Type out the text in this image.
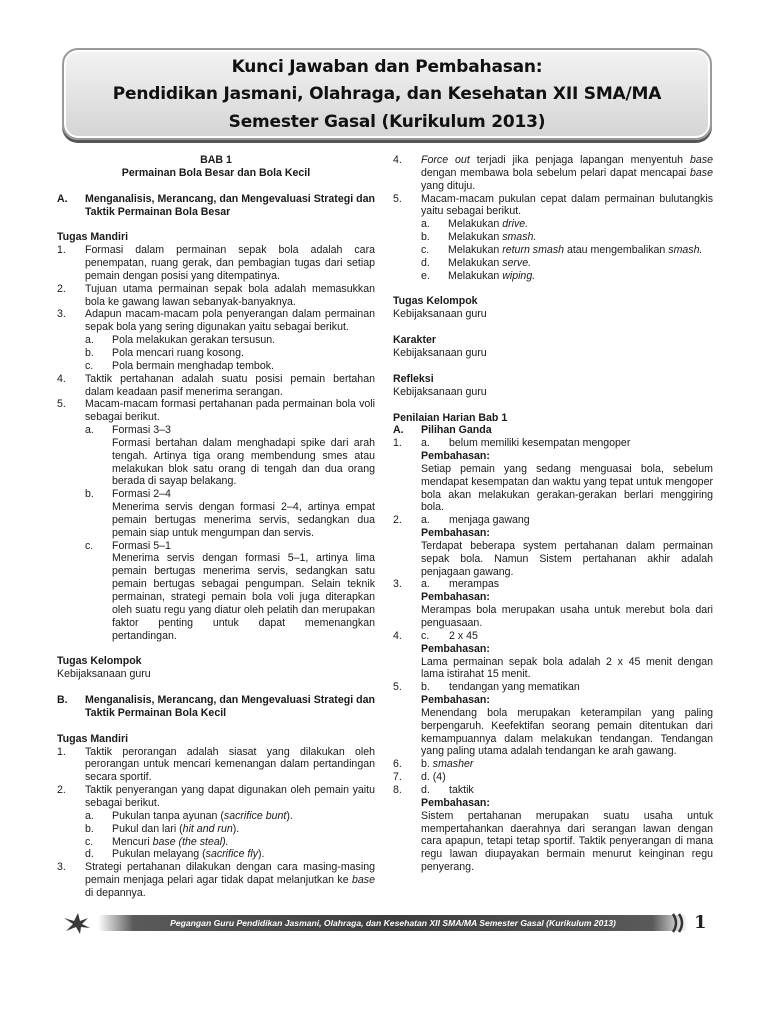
Kunci Jawaban dan Pembahasan:
Pendidikan Jasmani, Olahraga, dan Kesehatan XII SMA/MA
Semester Gasal (Kurikulum 2013)
BAB 1
Permainan Bola Besar dan Bola Kecil
A.	Menganalisis, Merancang, dan Mengevaluasi Strategi dan Taktik Permainan Bola Besar
Tugas Mandiri
1.	Formasi dalam permainan sepak bola adalah cara penempatan, ruang gerak, dan pembagian tugas dari setiap pemain dengan posisi yang ditempatinya.
2.	Tujuan utama permainan sepak bola adalah memasukkan bola ke gawang lawan sebanyak-banyaknya.
3.	Adapun macam-macam pola penyerangan dalam permainan sepak bola yang sering digunakan yaitu sebagai berikut.
a.	Pola melakukan gerakan tersusun.
b.	Pola mencari ruang kosong.
c.	Pola bermain menghadap tembok.
4.	Taktik pertahanan adalah suatu posisi pemain bertahan dalam keadaan pasif menerima serangan.
5.	Macam-macam formasi pertahanan pada permainan bola voli sebagai berikut.
a.	Formasi 3–3
Formasi bertahan dalam menghadapi spike dari arah tengah. Artinya tiga orang membendung smes atau melakukan blok satu orang di tengah dan dua orang berada di sayap belakang.
b.	Formasi 2–4
Menerima servis dengan formasi 2–4, artinya empat pemain bertugas menerima servis, sedangkan dua pemain siap untuk mengumpan dan servis.
c.	Formasi 5–1
Menerima servis dengan formasi 5–1, artinya lima pemain bertugas menerima servis, sedangkan satu pemain bertugas sebagai pengumpan. Selain teknik permainan, strategi pemain bola voli juga diterapkan oleh suatu regu yang diatur oleh pelatih dan merupakan faktor penting untuk dapat memenangkan pertandingan.
Tugas Kelompok
Kebijaksanaan guru
B.	Menganalisis, Merancang, dan Mengevaluasi Strategi dan Taktik Permainan Bola Kecil
Tugas Mandiri
1.	Taktik perorangan adalah siasat yang dilakukan oleh perorangan untuk mencari kemenangan dalam pertandingan secara sportif.
2.	Taktik penyerangan yang dapat digunakan oleh pemain yaitu sebagai berikut.
a.	Pukulan tanpa ayunan (sacrifice bunt).
b.	Pukul dan lari (hit and run).
c.	Mencuri base (the steal).
d.	Pukulan melayang (sacrifice fly).
3.	Strategi pertahanan dilakukan dengan cara masing-masing pemain menjaga pelari agar tidak dapat melanjutkan ke base di depannya.
4.	Force out terjadi jika penjaga lapangan menyentuh base dengan membawa bola sebelum pelari dapat mencapai base yang dituju.
5.	Macam-macam pukulan cepat dalam permainan bulutangkis yaitu sebagai berikut.
a.	Melakukan drive.
b.	Melakukan smash.
c.	Melakukan return smash atau mengembalikan smash.
d.	Melakukan serve.
e.	Melakukan wiping.
Tugas Kelompok
Kebijaksanaan guru
Karakter
Kebijaksanaan guru
Refleksi
Kebijaksanaan guru
Penilaian Harian Bab 1
A.	Pilihan Ganda
1.	a.	belum memiliki kesempatan mengoper
Pembahasan:
Setiap pemain yang sedang menguasai bola, sebelum mendapat kesempatan dan waktu yang tepat untuk mengoper bola akan melakukan gerakan-gerakan berlari menggiring bola.
2.	a.	menjaga gawang
Pembahasan:
Terdapat beberapa system pertahanan dalam permainan sepak bola. Namun Sistem pertahanan akhir adalah penjagaan gawang.
3.	a.	merampas
Pembahasan:
Merampas bola merupakan usaha untuk merebut bola dari penguasaan.
4.	c.	2 x 45
Pembahasan:
Lama permainan sepak bola adalah 2 x 45 menit dengan lama istirahat 15 menit.
5.	b.	tendangan yang mematikan
Pembahasan:
Menendang bola merupakan keterampilan yang paling berpengaruh. Keefektifan seorang pemain ditentukan dari kemampuannya dalam melakukan tendangan. Tendangan yang paling utama adalah tendangan ke arah gawang.
6.	b. smasher
7.	d. (4)
8.	d.	taktik
Pembahasan:
Sistem pertahanan merupakan suatu usaha untuk mempertahankan daerahnya dari serangan lawan dengan cara apapun, tetapi tetap sportif. Taktik penyerangan di mana regu lawan diupayakan bermain menurut keinginan regu penyerang.
Pegangan Guru Pendidikan Jasmani, Olahraga, dan Kesehatan XII SMA/MA Semester Gasal (Kurikulum 2013)	1
